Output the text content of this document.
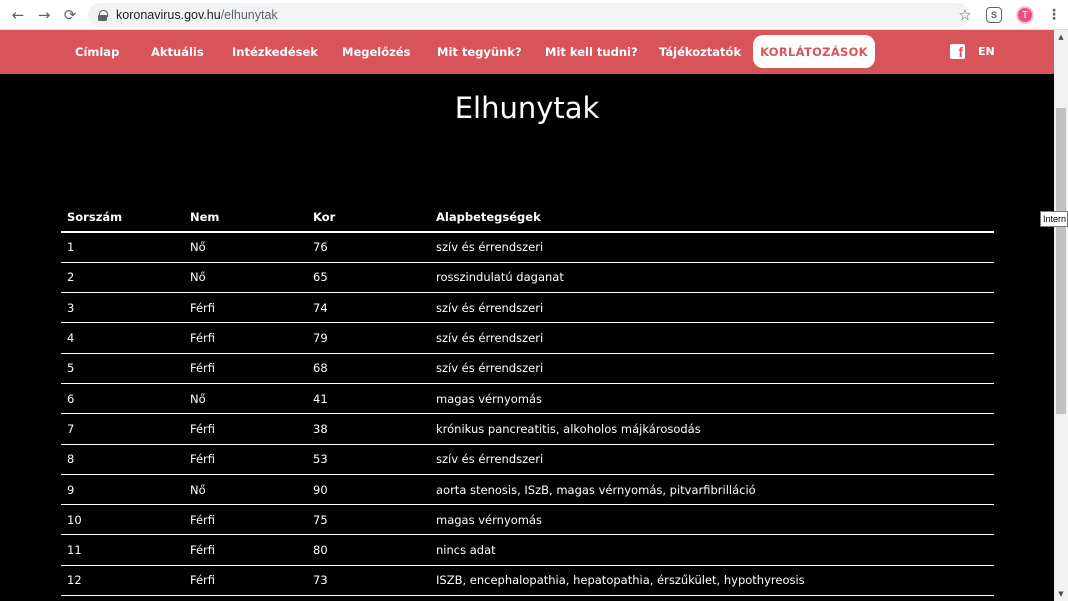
← → ⟳	koronavirus.gov.hu/elhunytak	☆	S	T	⋮
Címlap	Aktuális Intézkedések Megelőzés Mit tegyünk? Mit kell tudni? Tájékoztatók	KORLÁTOZÁSOK	f EN
Elhunytak
Sorszám	Nem	Kor	Alapbetegségek
1	Nő	76	szív és érrendszeri
2	Nő	65	rosszindulatú daganat
3	Férfi	74	szív és érrendszeri
4	Férfi	79	szív és érrendszeri
5	Férfi	68	szív és érrendszeri
6	Nő	41	magas vérnyomás
7	Férfi	38	krónikus pancreatitis, alkoholos májkárosodás
8	Férfi	53	szív és érrendszeri
9	Nő	90	aorta stenosis, ISzB, magas vérnyomás, pitvarfibrilláció
10	Férfi	75	magas vérnyomás
11	Férfi	80	nincs adat
12	Férfi	73	ISZB, encephalopathia, hepatopathia, érszűkület, hypothyreosis
▲
▼
Intern
